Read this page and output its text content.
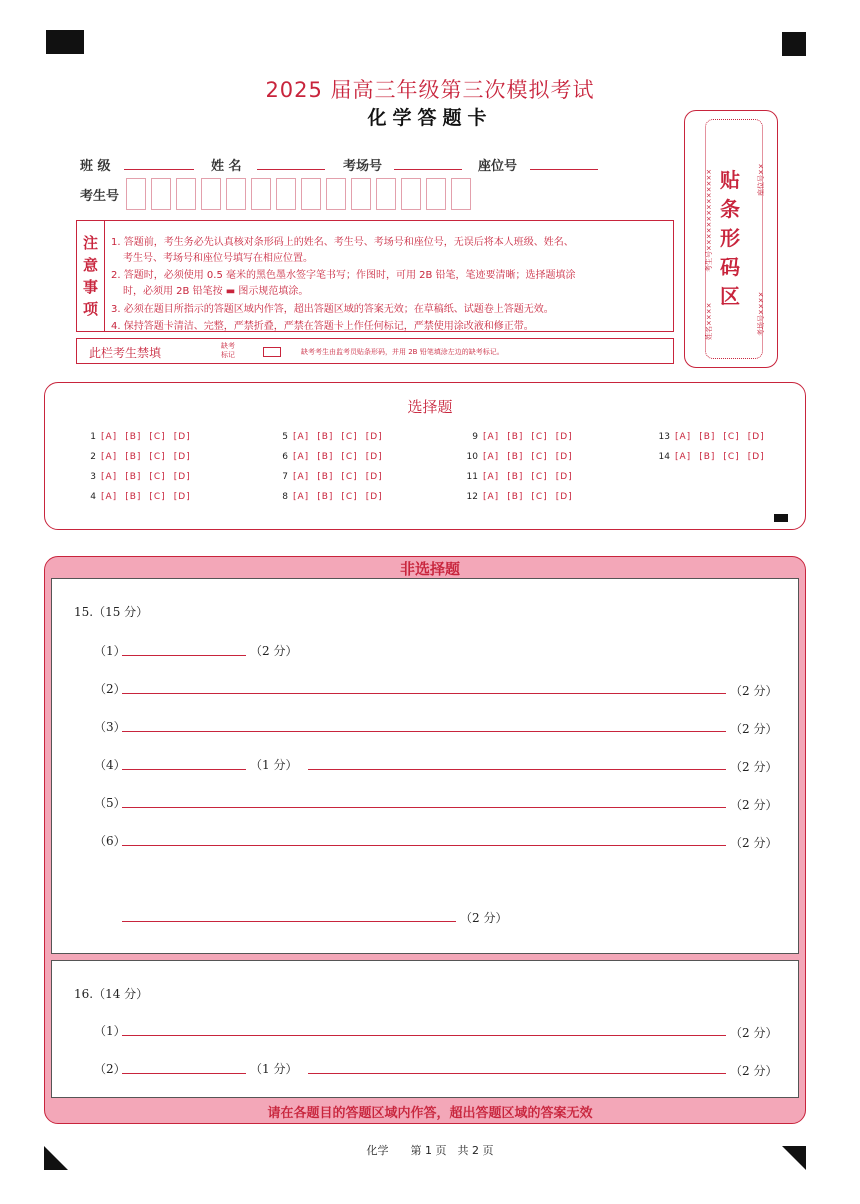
2025 届高三年级第三次模拟考试
化学答题卡
班 级	姓 名	考场号	座位号
考生号
注
意
事
项
1. 答题前，考生务必先认真核对条形码上的姓名、考生号、考场号和座位号，无误后将本人班级、姓名、
考生号、考场号和座位号填写在相应位置。
2. 答题时，必须使用 0.5 毫米的黑色墨水签字笔书写；作图时，可用 2B 铅笔，笔迹要清晰；选择题填涂
时，必须用 2B 铅笔按 ▬ 图示规范填涂。
3. 必须在题目所指示的答题区域内作答，超出答题区域的答案无效；在草稿纸、试题卷上答题无效。
4. 保持答题卡清洁、完整，严禁折叠，严禁在答题卡上作任何标记，严禁使用涂改液和修正带。
此栏考生禁填	缺考
标记	缺考考生由监考员贴条形码，并用 2B 铅笔填涂左边的缺考标记。
贴
条
形
码
区
考生号××××××××××××××
姓名××××
座位号××
考场号××××
选择题
1 [A] [B] [C] [D]
2 [A] [B] [C] [D]
3 [A] [B] [C] [D]
4 [A] [B] [C] [D]
5 [A] [B] [C] [D]
6 [A] [B] [C] [D]
7 [A] [B] [C] [D]
8 [A] [B] [C] [D]
9 [A] [B] [C] [D]
10 [A] [B] [C] [D]
11 [A] [B] [C] [D]
12 [A] [B] [C] [D]
13 [A] [B] [C] [D]
14 [A] [B] [C] [D]
非选择题
15.（15 分）
（1）	（2 分）
（2）	（2 分）
（3）	（2 分）
（4）	（1 分）	（2 分）
（5）	（2 分）
（6）	（2 分）
（2 分）
16.（14 分）
（1）	（2 分）
（2）	（1 分）	（2 分）
请在各题目的答题区域内作答，超出答题区域的答案无效
化学　　第 1 页　共 2 页
